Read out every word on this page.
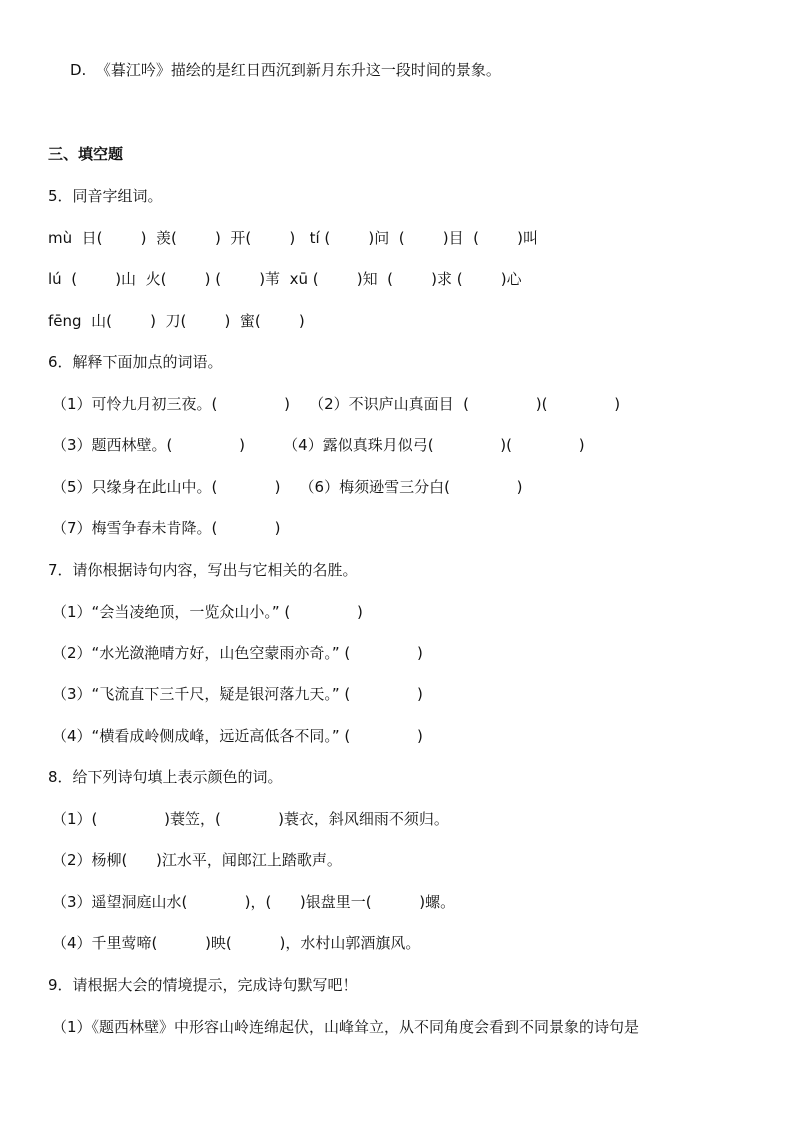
D.  《暮江吟》描绘的是红日西沉到新月东升这一段时间的景象。
三、填空题
5．同音字组词。
mù  日(        )  羡(        )  开(        )   tí (        )问  (        )目  (        )叫
lú  (        )山  火(        ) (        )苇  xū (        )知  (        )求 (        )心
fēng  山(        )  刀(        )  蜜(        )
6．解释下面加点的词语。
（1）可怜九月初三夜。(              )    （2）不识庐山真面目  (              )(              )
（3）题西林壁。(              )        （4）露似真珠月似弓(              )(              )
（5）只缘身在此山中。(            )    （6）梅须逊雪三分白(              )
（7）梅雪争春未肯降。(            )
7．请你根据诗句内容，写出与它相关的名胜。
（1）“会当凌绝顶，一览众山小。” (              )
（2）“水光潋滟晴方好，山色空蒙雨亦奇。” (              )
（3）“飞流直下三千尺，疑是银河落九天。” (              )
（4）“横看成岭侧成峰，远近高低各不同。” (              )
8．给下列诗句填上表示颜色的词。
（1）(              )蓑笠，(            )蓑衣，斜风细雨不须归。
（2）杨柳(      )江水平，闻郎江上踏歌声。
（3）遥望洞庭山水(            )，(      )银盘里一(          )螺。
（4）千里莺啼(          )映(          )，水村山郭酒旗风。
9．请根据大会的情境提示，完成诗句默写吧！
（1）《题西林壁》中形容山岭连绵起伏，山峰耸立，从不同角度会看到不同景象的诗句是
